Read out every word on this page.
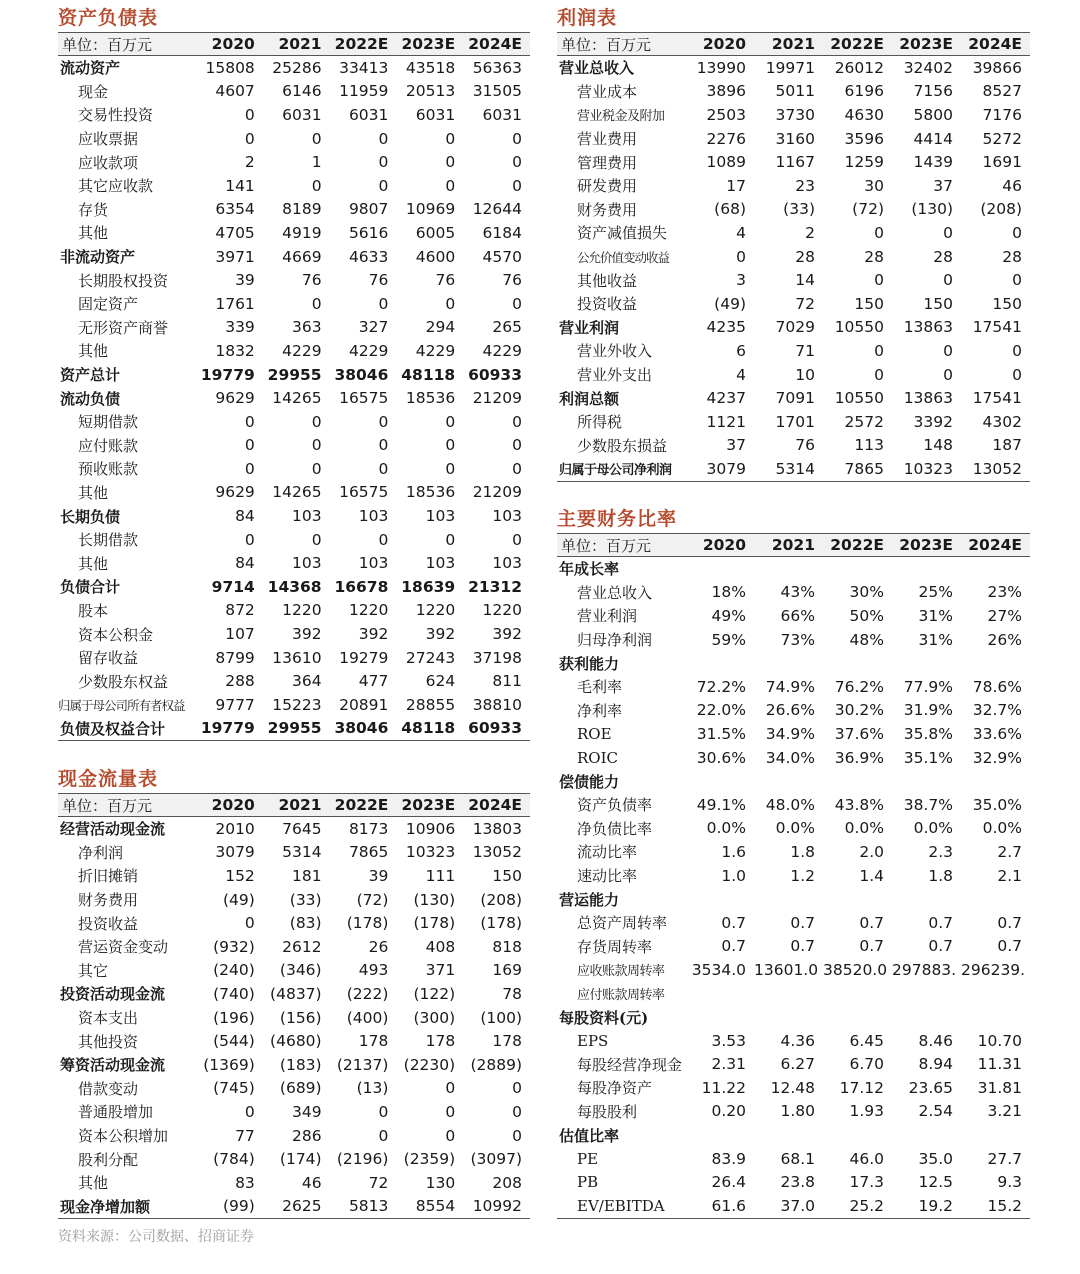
资产负债表
单位：百万元	2020	2021	2022E	2023E	2024E
流动资产	15808	25286	33413	43518	56363
现金	4607	6146	11959	20513	31505
交易性投资	0	6031	6031	6031	6031
应收票据	0	0	0	0	0
应收款项	2	1	0	0	0
其它应收款	141	0	0	0	0
存货	6354	8189	9807	10969	12644
其他	4705	4919	5616	6005	6184
非流动资产	3971	4669	4633	4600	4570
长期股权投资	39	76	76	76	76
固定资产	1761	0	0	0	0
无形资产商誉	339	363	327	294	265
其他	1832	4229	4229	4229	4229
资产总计	19779	29955	38046	48118	60933
流动负债	9629	14265	16575	18536	21209
短期借款	0	0	0	0	0
应付账款	0	0	0	0	0
预收账款	0	0	0	0	0
其他	9629	14265	16575	18536	21209
长期负债	84	103	103	103	103
长期借款	0	0	0	0	0
其他	84	103	103	103	103
负债合计	9714	14368	16678	18639	21312
股本	872	1220	1220	1220	1220
资本公积金	107	392	392	392	392
留存收益	8799	13610	19279	27243	37198
少数股东权益	288	364	477	624	811
归属于母公司所有者权益	9777	15223	20891	28855	38810
负债及权益合计	19779	29955	38046	48118	60933
现金流量表
单位：百万元	2020	2021	2022E	2023E	2024E
经营活动现金流	2010	7645	8173	10906	13803
净利润	3079	5314	7865	10323	13052
折旧摊销	152	181	39	111	150
财务费用	(49)	(33)	(72)	(130)	(208)
投资收益	0	(83)	(178)	(178)	(178)
营运资金变动	(932)	2612	26	408	818
其它	(240)	(346)	493	371	169
投资活动现金流	(740)	(4837)	(222)	(122)	78
资本支出	(196)	(156)	(400)	(300)	(100)
其他投资	(544)	(4680)	178	178	178
筹资活动现金流	(1369)	(183)	(2137)	(2230)	(2889)
借款变动	(745)	(689)	(13)	0	0
普通股增加	0	349	0	0	0
资本公积增加	77	286	0	0	0
股利分配	(784)	(174)	(2196)	(2359)	(3097)
其他	83	46	72	130	208
现金净增加额	(99)	2625	5813	8554	10992
利润表
单位：百万元	2020	2021	2022E	2023E	2024E
营业总收入	13990	19971	26012	32402	39866
营业成本	3896	5011	6196	7156	8527
营业税金及附加	2503	3730	4630	5800	7176
营业费用	2276	3160	3596	4414	5272
管理费用	1089	1167	1259	1439	1691
研发费用	17	23	30	37	46
财务费用	(68)	(33)	(72)	(130)	(208)
资产减值损失	4	2	0	0	0
公允价值变动收益	0	28	28	28	28
其他收益	3	14	0	0	0
投资收益	(49)	72	150	150	150
营业利润	4235	7029	10550	13863	17541
营业外收入	6	71	0	0	0
营业外支出	4	10	0	0	0
利润总额	4237	7091	10550	13863	17541
所得税	1121	1701	2572	3392	4302
少数股东损益	37	76	113	148	187
归属于母公司净利润	3079	5314	7865	10323	13052
主要财务比率
单位：百万元	2020	2021	2022E	2023E	2024E
年成长率					
营业总收入	18%	43%	30%	25%	23%
营业利润	49%	66%	50%	31%	27%
归母净利润	59%	73%	48%	31%	26%
获利能力					
毛利率	72.2%	74.9%	76.2%	77.9%	78.6%
净利率	22.0%	26.6%	30.2%	31.9%	32.7%
ROE	31.5%	34.9%	37.6%	35.8%	33.6%
ROIC	30.6%	34.0%	36.9%	35.1%	32.9%
偿债能力					
资产负债率	49.1%	48.0%	43.8%	38.7%	35.0%
净负债比率	0.0%	0.0%	0.0%	0.0%	0.0%
流动比率	1.6	1.8	2.0	2.3	2.7
速动比率	1.0	1.2	1.4	1.8	2.1
营运能力					
总资产周转率	0.7	0.7	0.7	0.7	0.7
存货周转率	0.7	0.7	0.7	0.7	0.7
应收账款周转率	3534.0	13601.0	38520.0	297883.	296239.
应付账款周转率					
每股资料(元)					
EPS	3.53	4.36	6.45	8.46	10.70
每股经营净现金	2.31	6.27	6.70	8.94	11.31
每股净资产	11.22	12.48	17.12	23.65	31.81
每股股利	0.20	1.80	1.93	2.54	3.21
估值比率					
PE	83.9	68.1	46.0	35.0	27.7
PB	26.4	23.8	17.3	12.5	9.3
EV/EBITDA	61.6	37.0	25.2	19.2	15.2
资料来源：公司数据、招商证券
